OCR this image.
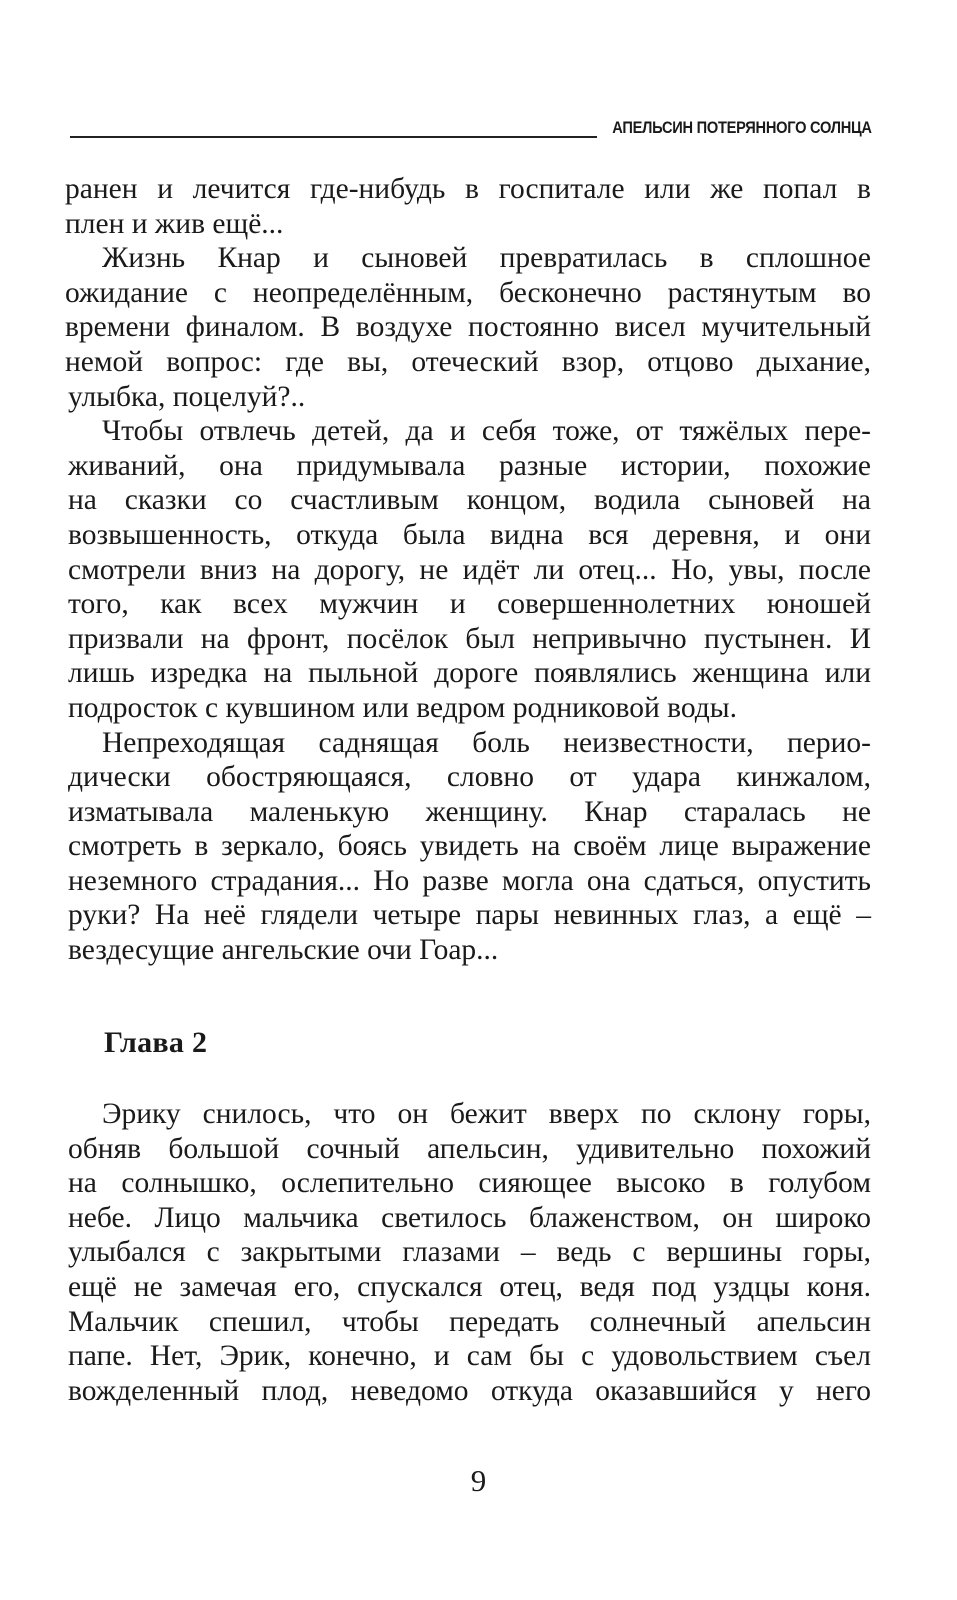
АПЕЛЬСИН ПОТЕРЯННОГО СОЛНЦА
ранен и лечится где-нибудь в госпитале или же попал в
плен и жив ещё...
Жизнь Кнар и сыновей превратилась в сплошное
ожидание с неопределённым, бесконечно растянутым во
времени финалом. В воздухе постоянно висел мучительный
немой вопрос: где вы, отеческий взор, отцово дыхание,
улыбка, поцелуй?..
Чтобы отвлечь детей, да и себя тоже, от тяжёлых пере-
живаний, она придумывала разные истории, похожие
на сказки со счастливым концом, водила сыновей на
возвышенность, откуда была видна вся деревня, и они
смотрели вниз на дорогу, не идёт ли отец... Но, увы, после
того, как всех мужчин и совершеннолетних юношей
призвали на фронт, посёлок был непривычно пустынен. И
лишь изредка на пыльной дороге появлялись женщина или
подросток с кувшином или ведром родниковой воды.
Непреходящая саднящая боль неизвестности, перио-
дически обостряющаяся, словно от удара кинжалом,
изматывала маленькую женщину. Кнар старалась не
смотреть в зеркало, боясь увидеть на своём лице выражение
неземного страдания... Но разве могла она сдаться, опустить
руки? На неё глядели четыре пары невинных глаз, а ещё –
вездесущие ангельские очи Гоар...
Глава 2
Эрику снилось, что он бежит вверх по склону горы,
обняв большой сочный апельсин, удивительно похожий
на солнышко, ослепительно сияющее высоко в голубом
небе. Лицо мальчика светилось блаженством, он широко
улыбался с закрытыми глазами – ведь с вершины горы,
ещё не замечая его, спускался отец, ведя под уздцы коня.
Мальчик спешил, чтобы передать солнечный апельсин
папе. Нет, Эрик, конечно, и сам бы с удовольствием съел
вожделенный плод, неведомо откуда оказавшийся у него
9
